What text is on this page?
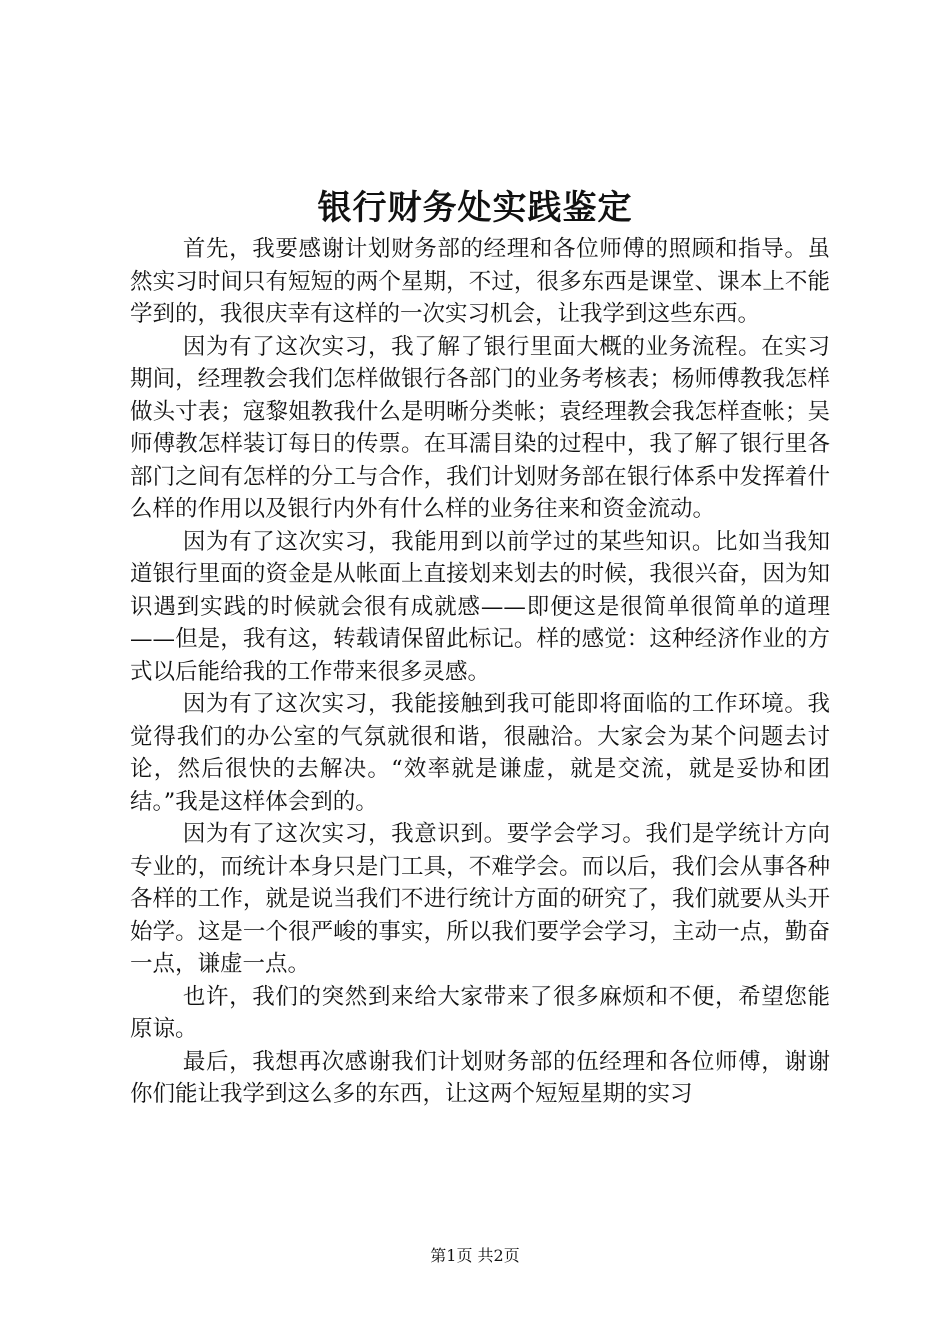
银行财务处实践鉴定

首先，我要感谢计划财务部的经理和各位师傅的照顾和指导。虽然实习时间只有短短的两个星期，不过，很多东西是课堂、课本上不能学到的，我很庆幸有这样的一次实习机会，让我学到这些东西。

因为有了这次实习，我了解了银行里面大概的业务流程。在实习期间，经理教会我们怎样做银行各部门的业务考核表；杨师傅教我怎样做头寸表；寇黎姐教我什么是明晰分类帐；袁经理教会我怎样查帐；吴师傅教怎样装订每日的传票。在耳濡目染的过程中，我了解了银行里各部门之间有怎样的分工与合作，我们计划财务部在银行体系中发挥着什么样的作用以及银行内外有什么样的业务往来和资金流动。

因为有了这次实习，我能用到以前学过的某些知识。比如当我知道银行里面的资金是从帐面上直接划来划去的时候，我很兴奋，因为知识遇到实践的时候就会很有成就感——即便这是很简单很简单的道理——但是，我有这，转载请保留此标记。样的感觉：这种经济作业的方式以后能给我的工作带来很多灵感。

因为有了这次实习，我能接触到我可能即将面临的工作环境。我觉得我们的办公室的气氛就很和谐，很融洽。大家会为某个问题去讨论，然后很快的去解决。“效率就是谦虚，就是交流，就是妥协和团结。”我是这样体会到的。

因为有了这次实习，我意识到。要学会学习。我们是学统计方向专业的，而统计本身只是门工具，不难学会。而以后，我们会从事各种各样的工作，就是说当我们不进行统计方面的研究了，我们就要从头开始学。这是一个很严峻的事实，所以我们要学会学习，主动一点，勤奋一点，谦虚一点。

也许，我们的突然到来给大家带来了很多麻烦和不便，希望您能原谅。

最后，我想再次感谢我们计划财务部的伍经理和各位师傅，谢谢你们能让我学到这么多的东西，让这两个短短星期的实习

第1页 共2页
